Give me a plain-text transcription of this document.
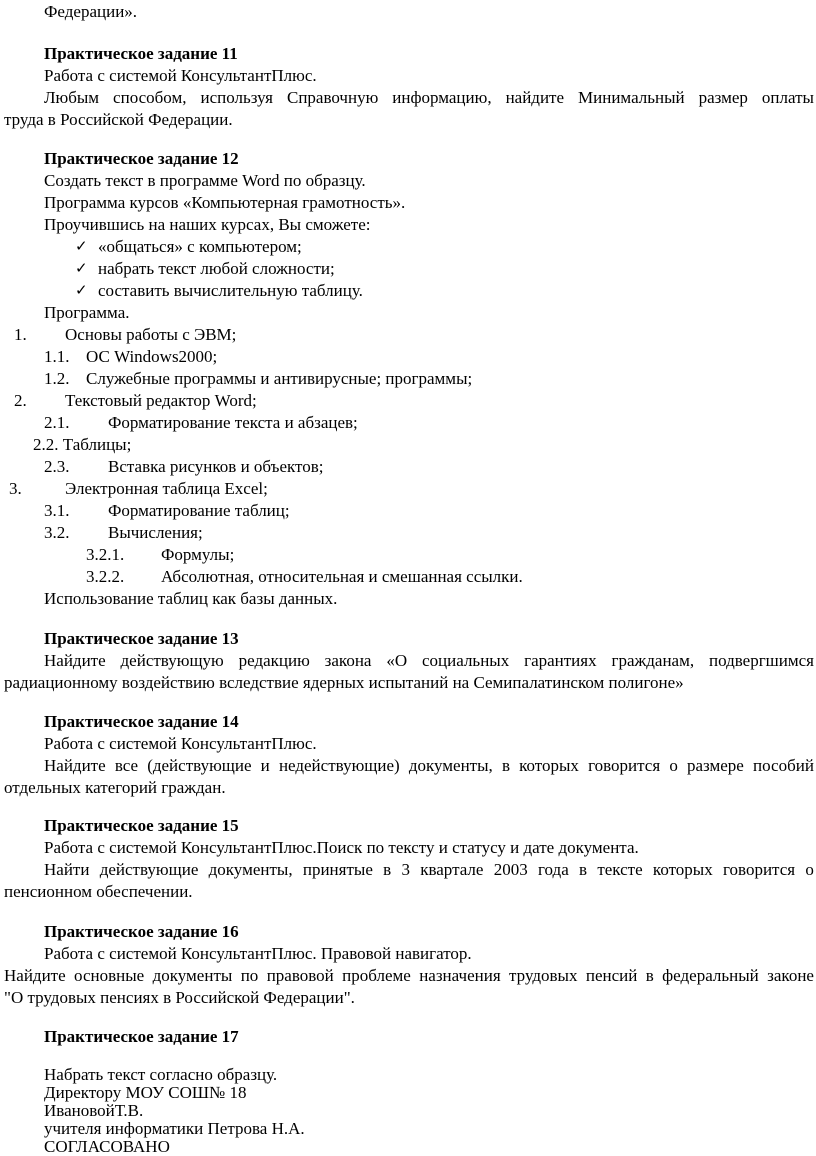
Федерации».
Практическое задание 11
Работа с системой КонсультантПлюс.
Любым способом, используя Справочную информацию, найдите Минимальный размер оплаты
труда в Российской Федерации.
Практическое задание 12
Создать текст в программе Word по образцу.
Программа курсов «Компьютерная грамотность».
Проучившись на наших курсах, Вы сможете:
✓ «общаться» с компьютером;
✓ набрать текст любой сложности;
✓ составить вычислительную таблицу.
Программа.
1. Основы работы с ЭВМ;
1.1. ОС Windows2000;
1.2. Служебные программы и антивирусные; программы;
2. Текстовый редактор Word;
2.1. Форматирование текста и абзацев;
2.2. Таблицы;
2.3. Вставка рисунков и объектов;
3.	Электронная таблица Excel;
3.1. Форматирование таблиц;
3.2. Вычисления;
3.2.1. Формулы;
3.2.2. Абсолютная, относительная и смешанная ссылки.
Использование таблиц как базы данных.
Практическое задание 13
Найдите действующую редакцию закона «О социальных гарантиях гражданам, подвергшимся
радиационному воздействию вследствие ядерных испытаний на Семипалатинском полигоне»
Практическое задание 14
Работа с системой КонсультантПлюс.
Найдите все (действующие и недействующие) документы, в которых говорится о размере пособий
отдельных категорий граждан.
Практическое задание 15
Работа с системой КонсультантПлюс.Поиск по тексту и статусу и дате документа.
Найти действующие документы, принятые в 3 квартале 2003 года в тексте которых говорится о
пенсионном обеспечении.
Практическое задание 16
Работа с системой КонсультантПлюс. Правовой навигатор.
Найдите основные документы по правовой проблеме назначения трудовых пенсий в федеральный законе
"О трудовых пенсиях в Российской Федерации".
Практическое задание 17
Набрать текст согласно образцу.
Директору МОУ СОШ№ 18
ИвановойТ.В.
учителя информатики Петрова Н.А.
СОГЛАСОВАНО
